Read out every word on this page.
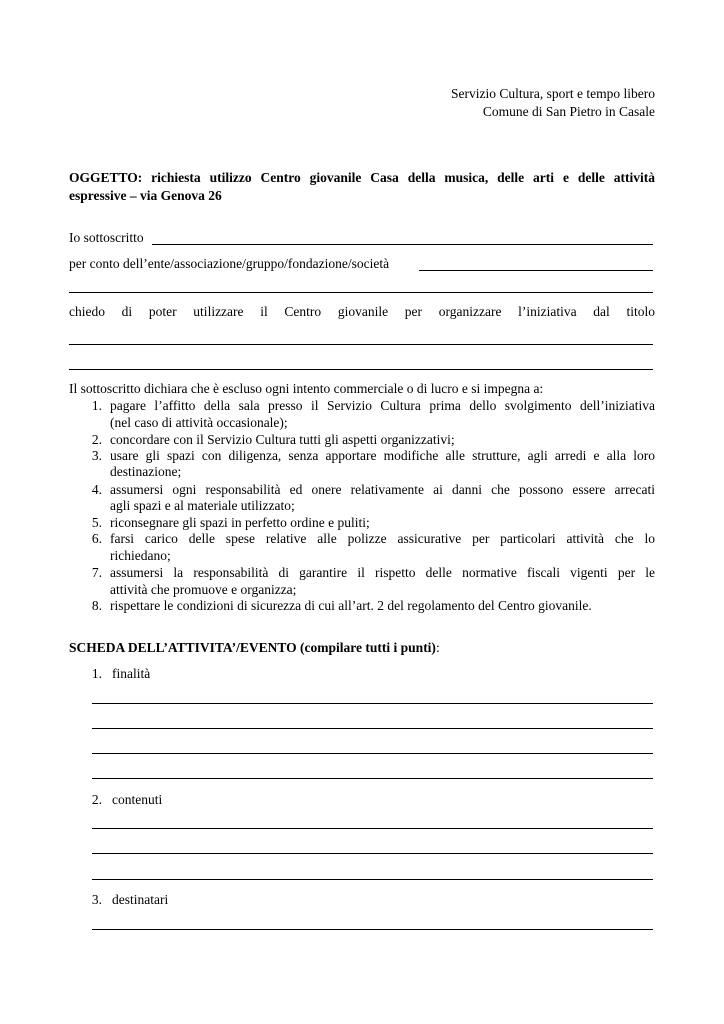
Servizio Cultura, sport e tempo libero
Comune di San Pietro in Casale
OGGETTO: richiesta utilizzo Centro giovanile Casa della musica, delle arti e delle attività
espressive – via Genova 26
Io sottoscritto
per conto dell’ente/associazione/gruppo/fondazione/società
chiedo di poter utilizzare il Centro giovanile per organizzare l’iniziativa dal titolo
Il sottoscritto dichiara che è escluso ogni intento commerciale o di lucro e si impegna a:
1. pagare l’affitto della sala presso il Servizio Cultura prima dello svolgimento dell’iniziativa
(nel caso di attività occasionale);
2. concordare con il Servizio Cultura tutti gli aspetti organizzativi;
3. usare gli spazi con diligenza, senza apportare modifiche alle strutture, agli arredi e alla loro
destinazione;
4. assumersi ogni responsabilità ed onere relativamente ai danni che possono essere arrecati
agli spazi e al materiale utilizzato;
5. riconsegnare gli spazi in perfetto ordine e puliti;
6. farsi carico delle spese relative alle polizze assicurative per particolari attività che lo
richiedano;
7. assumersi la responsabilità di garantire il rispetto delle normative fiscali vigenti per le
attività che promuove e organizza;
8. rispettare le condizioni di sicurezza di cui all’art. 2 del regolamento del Centro giovanile.
SCHEDA DELL’ATTIVITA’/EVENTO (compilare tutti i punti):
1. finalità
2. contenuti
3. destinatari
